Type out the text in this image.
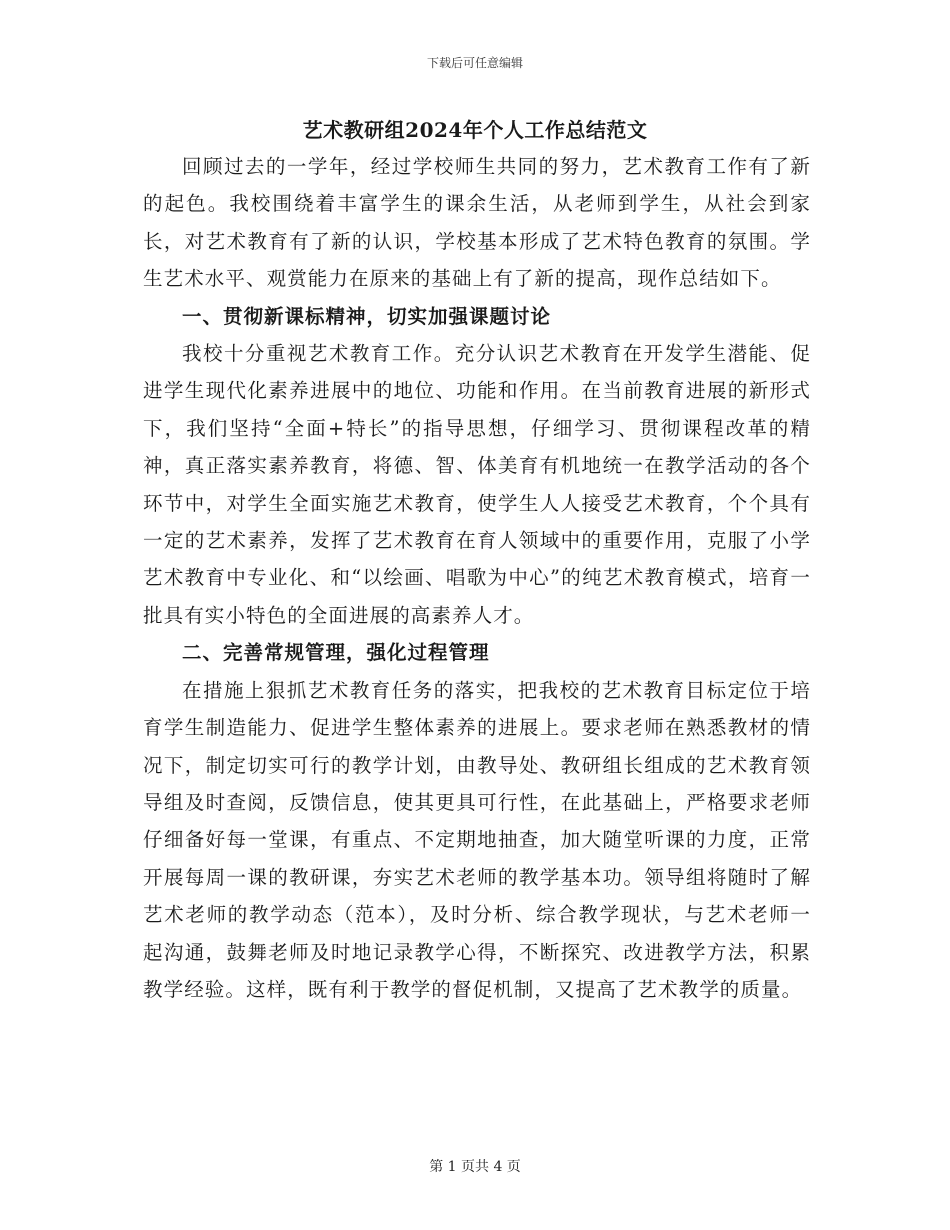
下载后可任意编辑
艺术教研组2024年个人工作总结范文

回顾过去的一学年，经过学校师生共同的努力，艺术教育工作有了新的起色。我校围绕着丰富学生的课余生活，从老师到学生，从社会到家长，对艺术教育有了新的认识，学校基本形成了艺术特色教育的氛围。学生艺术水平、观赏能力在原来的基础上有了新的提高，现作总结如下。

一、贯彻新课标精神，切实加强课题讨论

我校十分重视艺术教育工作。充分认识艺术教育在开发学生潜能、促进学生现代化素养进展中的地位、功能和作用。在当前教育进展的新形式下，我们坚持“全面+特长”的指导思想，仔细学习、贯彻课程改革的精神，真正落实素养教育，将德、智、体美育有机地统一在教学活动的各个环节中，对学生全面实施艺术教育，使学生人人接受艺术教育，个个具有一定的艺术素养，发挥了艺术教育在育人领域中的重要作用，克服了小学艺术教育中专业化、和“以绘画、唱歌为中心”的纯艺术教育模式，培育一批具有实小特色的全面进展的高素养人才。

二、完善常规管理，强化过程管理

在措施上狠抓艺术教育任务的落实，把我校的艺术教育目标定位于培育学生制造能力、促进学生整体素养的进展上。要求老师在熟悉教材的情况下，制定切实可行的教学计划，由教导处、教研组长组成的艺术教育领导组及时查阅，反馈信息，使其更具可行性，在此基础上，严格要求老师仔细备好每一堂课，有重点、不定期地抽查，加大随堂听课的力度，正常开展每周一课的教研课，夯实艺术老师的教学基本功。领导组将随时了解艺术老师的教学动态（范本），及时分析、综合教学现状，与艺术老师一起沟通，鼓舞老师及时地记录教学心得，不断探究、改进教学方法，积累教学经验。这样，既有利于教学的督促机制，又提高了艺术教学的质量。

第 1 页共 4 页
